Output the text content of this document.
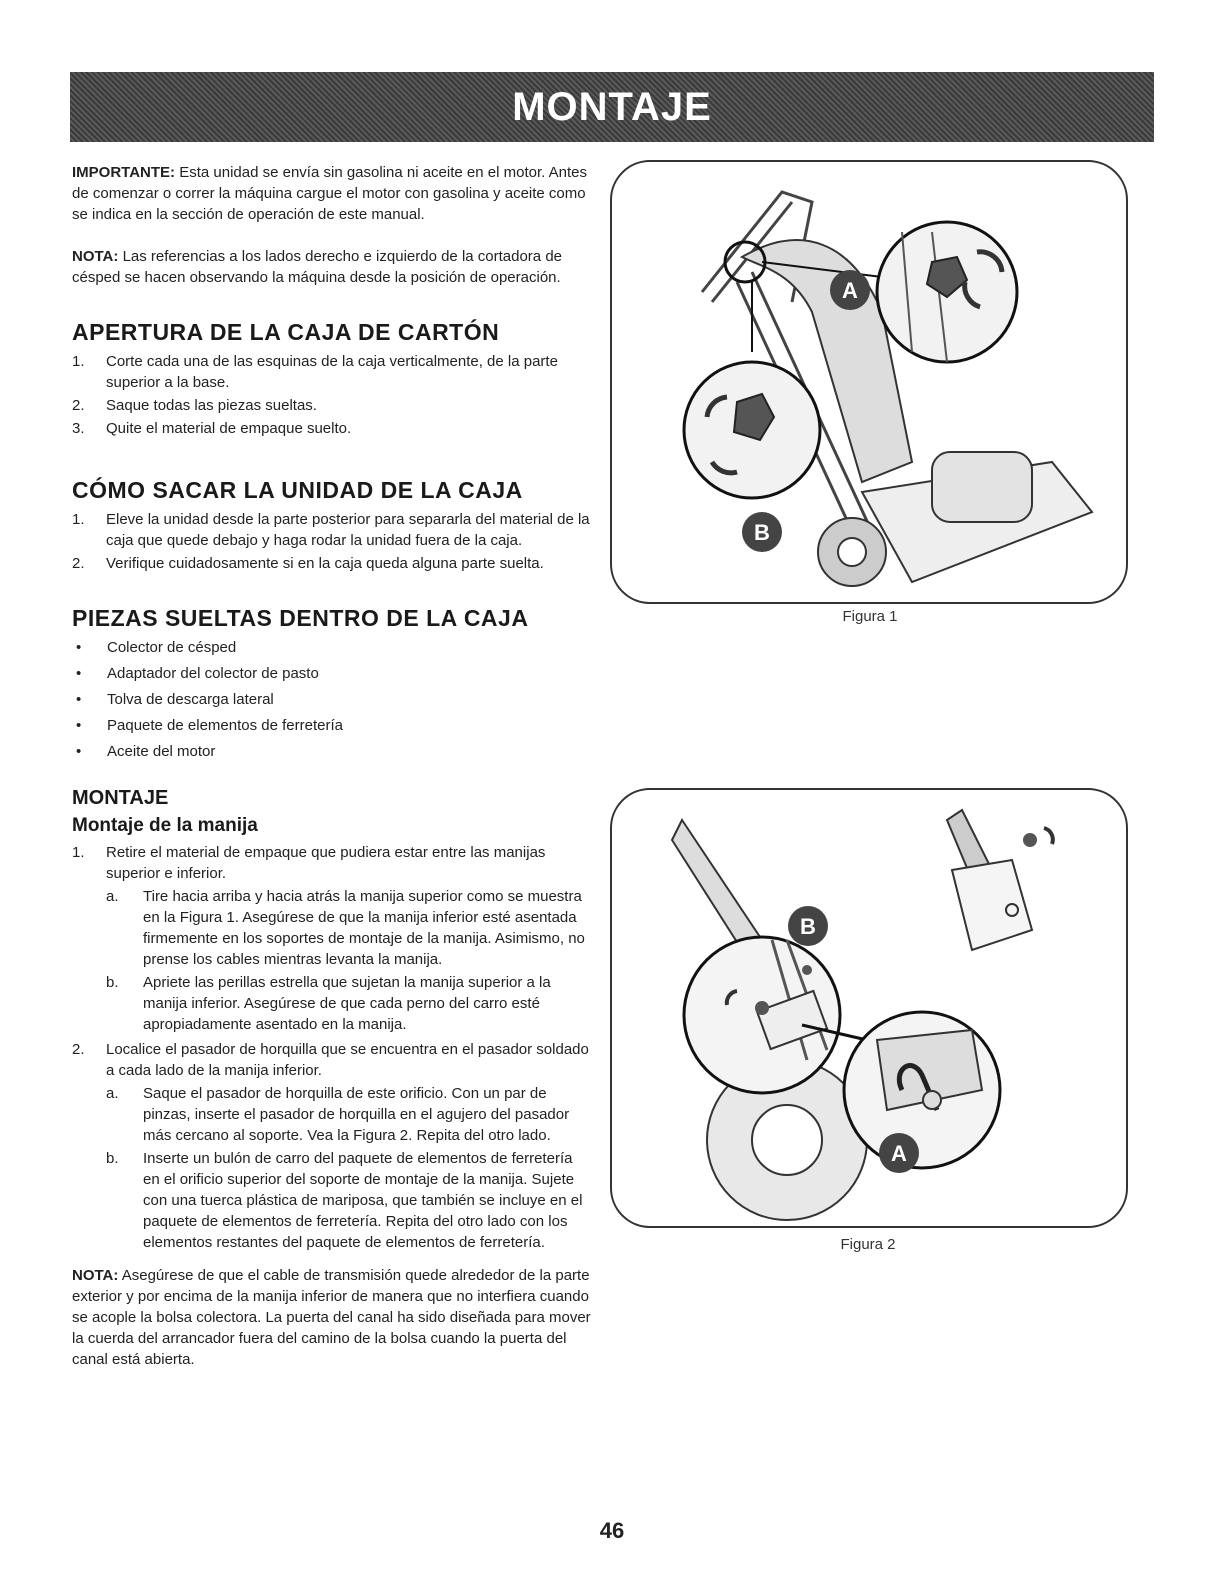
MONTAJE

IMPORTANTE: Esta unidad se envía sin gasolina ni aceite en el motor. Antes de comenzar o correr la máquina cargue el motor con gasolina y aceite como se indica en la sección de operación de este manual.

NOTA: Las referencias a los lados derecho e izquierdo de la cortadora de césped se hacen observando la máquina desde la posición de operación.

APERTURA DE LA CAJA DE CARTÓN
1. Corte cada una de las esquinas de la caja verticalmente, de la parte superior a la base.
2. Saque todas las piezas sueltas.
3. Quite el material de empaque suelto.
CÓMO SACAR LA UNIDAD DE LA CAJA
1. Eleve la unidad desde la parte posterior para separarla del material de la caja que quede debajo y haga rodar la unidad fuera de la caja.
2. Verifique cuidadosamente si en la caja queda alguna parte suelta.
PIEZAS SUELTAS DENTRO DE LA CAJA
• Colector de césped
• Adaptador del colector de pasto
• Tolva de descarga lateral
• Paquete de elementos de ferretería
• Aceite del motor
MONTAJE
Montaje de la manija
1. Retire el material de empaque que pudiera estar entre las manijas superior e inferior.
a. Tire hacia arriba y hacia atrás la manija superior como se muestra en la Figura 1. Asegúrese de que la manija inferior esté asentada firmemente en los soportes de montaje de la manija. Asimismo, no prense los cables mientras levanta la manija.
b. Apriete las perillas estrella que sujetan la manija superior a la manija inferior. Asegúrese de que cada perno del carro esté apropiadamente asentado en la manija.
2. Localice el pasador de horquilla que se encuentra en el pasador soldado a cada lado de la manija inferior.
a. Saque el pasador de horquilla de este orificio. Con un par de pinzas, inserte el pasador de horquilla en el agujero del pasador más cercano al soporte. Vea la Figura 2. Repita del otro lado.
b. Inserte un bulón de carro del paquete de elementos de ferretería en el orificio superior del soporte de montaje de la manija. Sujete con una tuerca plástica de mariposa, que también se incluye en el paquete de elementos de ferretería. Repita del otro lado con los elementos restantes del paquete de elementos de ferretería.

NOTA: Asegúrese de que el cable de transmisión quede alrededor de la parte exterior y por encima de la manija inferior de manera que no interfiera cuando se acople la bolsa colectora. La puerta del canal ha sido diseñada para mover la cuerda del arrancador fuera del camino de la bolsa cuando la puerta del canal está abierta.

A
B
Figura 1
B
A
Figura 2
46
